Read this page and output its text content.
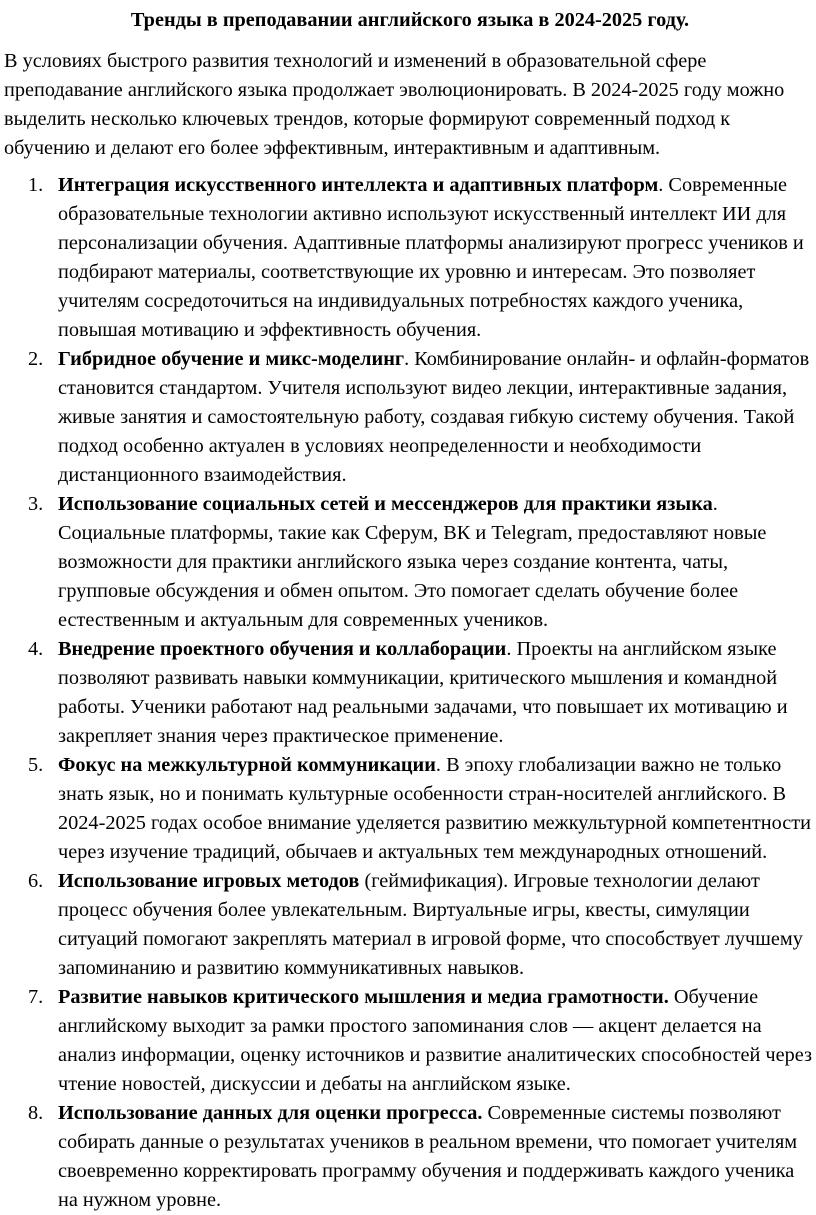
Тренды в преподавании английского языка в 2024-2025 году.

В условиях быстрого развития технологий и изменений в образовательной сфере преподавание английского языка продолжает эволюционировать. В 2024-2025 году можно выделить несколько ключевых трендов, которые формируют современный подход к обучению и делают его более эффективным, интерактивным и адаптивным.

1. Интеграция искусственного интеллекта и адаптивных платформ. Современные образовательные технологии активно используют искусственный интеллект ИИ для персонализации обучения. Адаптивные платформы анализируют прогресс учеников и подбирают материалы, соответствующие их уровню и интересам. Это позволяет учителям сосредоточиться на индивидуальных потребностях каждого ученика, повышая мотивацию и эффективность обучения.
2. Гибридное обучение и микс-моделинг. Комбинирование онлайн- и офлайн-форматов становится стандартом. Учителя используют видео лекции, интерактивные задания, живые занятия и самостоятельную работу, создавая гибкую систему обучения. Такой подход особенно актуален в условиях неопределенности и необходимости дистанционного взаимодействия.
3. Использование социальных сетей и мессенджеров для практики языка. Социальные платформы, такие как Сферум, ВК и Telegram, предоставляют новые возможности для практики английского языка через создание контента, чаты, групповые обсуждения и обмен опытом. Это помогает сделать обучение более естественным и актуальным для современных учеников.
4. Внедрение проектного обучения и коллаборации. Проекты на английском языке позволяют развивать навыки коммуникации, критического мышления и командной работы. Ученики работают над реальными задачами, что повышает их мотивацию и закрепляет знания через практическое применение.
5. Фокус на межкультурной коммуникации. В эпоху глобализации важно не только знать язык, но и понимать культурные особенности стран-носителей английского. В 2024-2025 годах особое внимание уделяется развитию межкультурной компетентности через изучение традиций, обычаев и актуальных тем международных отношений.
6. Использование игровых методов (геймификация). Игровые технологии делают процесс обучения более увлекательным. Виртуальные игры, квесты, симуляции ситуаций помогают закреплять материал в игровой форме, что способствует лучшему запоминанию и развитию коммуникативных навыков.
7. Развитие навыков критического мышления и медиа грамотности. Обучение английскому выходит за рамки простого запоминания слов — акцент делается на анализ информации, оценку источников и развитие аналитических способностей через чтение новостей, дискуссии и дебаты на английском языке.
8. Использование данных для оценки прогресса. Современные системы позволяют собирать данные о результатах учеников в реальном времени, что помогает учителям своевременно корректировать программу обучения и поддерживать каждого ученика на нужном уровне.
